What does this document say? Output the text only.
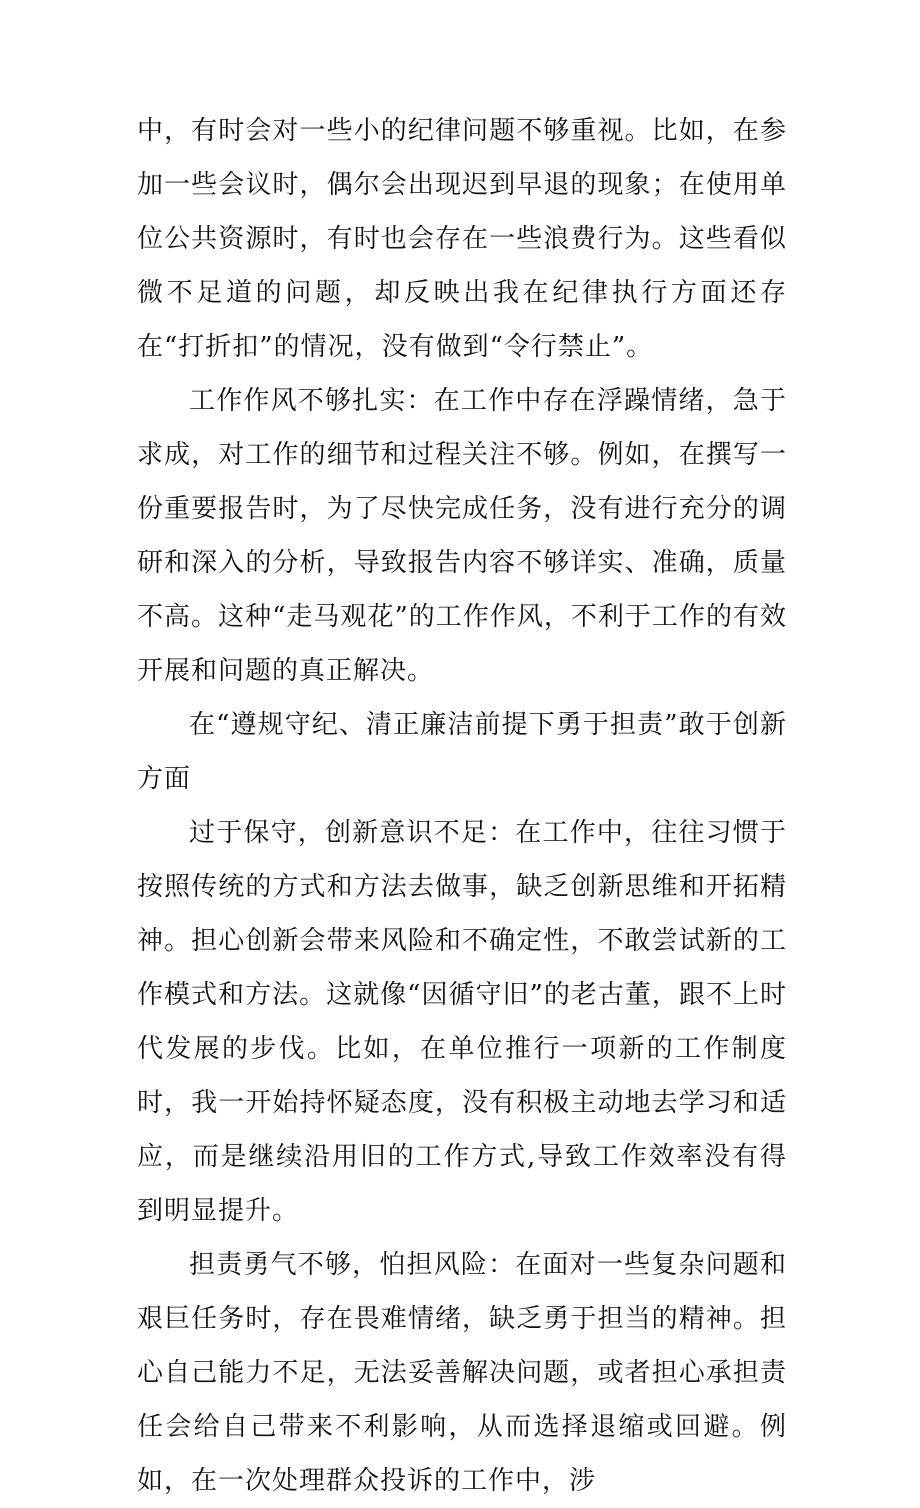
中，有时会对一些小的纪律问题不够重视。比如，在参加一些会议时，偶尔会出现迟到早退的现象；在使用单位公共资源时，有时也会存在一些浪费行为。这些看似微不足道的问题，却反映出我在纪律执行方面还存在“打折扣”的情况，没有做到“令行禁止”。

工作作风不够扎实：在工作中存在浮躁情绪，急于求成，对工作的细节和过程关注不够。例如，在撰写一份重要报告时，为了尽快完成任务，没有进行充分的调研和深入的分析，导致报告内容不够详实、准确，质量不高。这种“走马观花”的工作作风，不利于工作的有效开展和问题的真正解决。

在“遵规守纪、清正廉洁前提下勇于担责”敢于创新方面

过于保守，创新意识不足：在工作中，往往习惯于按照传统的方式和方法去做事，缺乏创新思维和开拓精神。担心创新会带来风险和不确定性，不敢尝试新的工作模式和方法。这就像“因循守旧”的老古董，跟不上时代发展的步伐。比如，在单位推行一项新的工作制度时，我一开始持怀疑态度，没有积极主动地去学习和适应，而是继续沿用旧的工作方式,导致工作效率没有得到明显提升。

担责勇气不够，怕担风险：在面对一些复杂问题和艰巨任务时，存在畏难情绪，缺乏勇于担当的精神。担心自己能力不足，无法妥善解决问题，或者担心承担责任会给自己带来不利影响，从而选择退缩或回避。例如，在一次处理群众投诉的工作中，涉
